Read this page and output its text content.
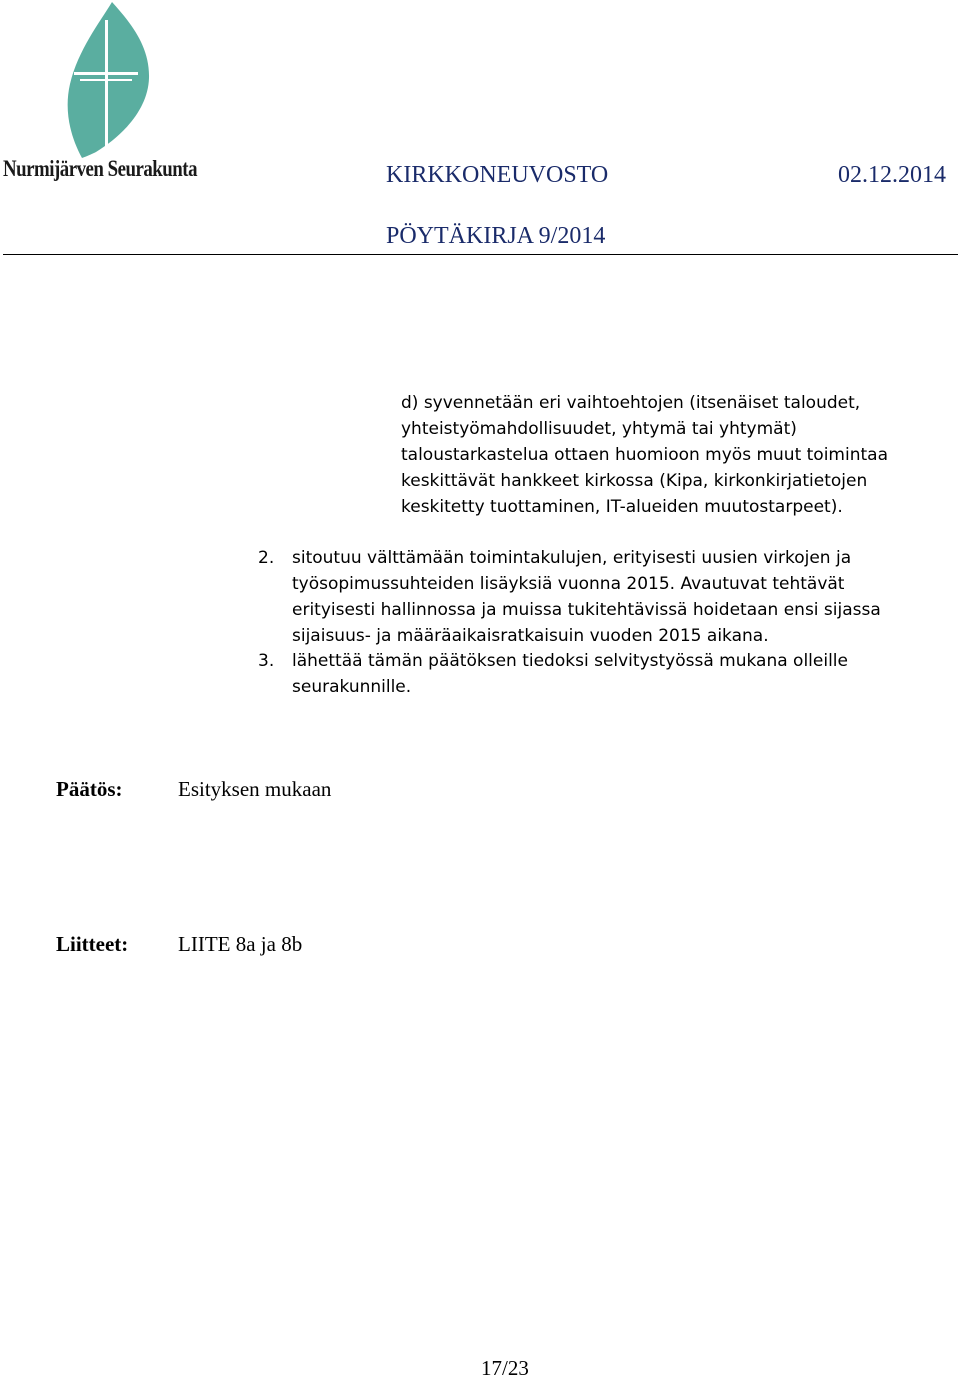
Nurmijärven Seurakunta	KIRKKONEUVOSTO	02.12.2014
PÖYTÄKIRJA 9/2014

d) syvennetään eri vaihtoehtojen (itsenäiset taloudet,

yhteistyömahdollisuudet, yhtymä tai yhtymät)

taloustarkastelua ottaen huomioon myös muut toimintaa

keskittävät hankkeet kirkossa (Kipa, kirkonkirjatietojen

keskitetty tuottaminen, IT-alueiden muutostarpeet).

2. sitoutuu välttämään toimintakulujen, erityisesti uusien virkojen ja
työsopimussuhteiden lisäyksiä vuonna 2015. Avautuvat tehtävät
erityisesti hallinnossa ja muissa tukitehtävissä hoidetaan ensi sijassa
sijaisuus- ja määräaikaisratkaisuin vuoden 2015 aikana.
3. lähettää tämän päätöksen tiedoksi selvitystyössä mukana olleille
seurakunnille.
Päätös:	Esityksen mukaan
Liitteet: LIITE 8a ja 8b
17/23
